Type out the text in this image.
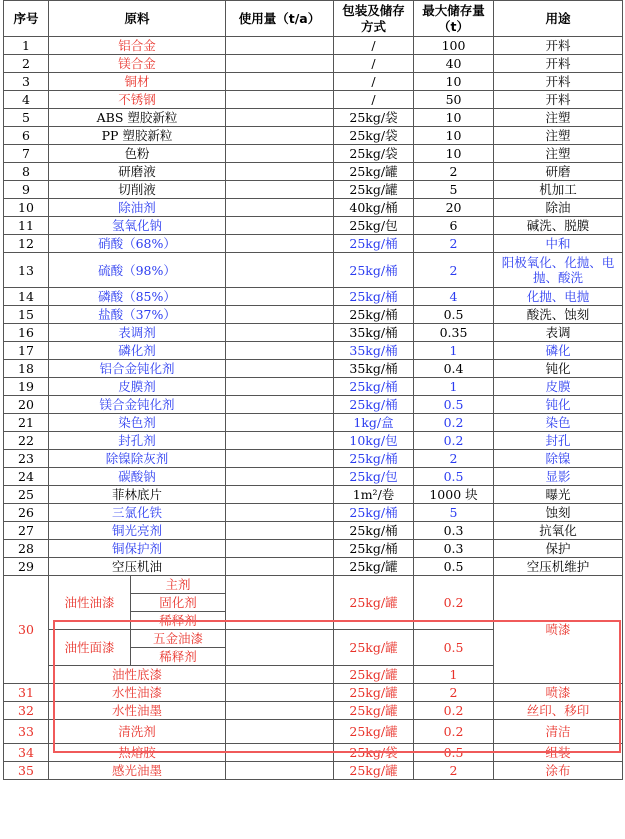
序号	原料		使用量（t/a）	包装及储存方式	最大储存量（t）	用途
1	铝合金			/	100	开料
2	镁合金			/	40	开料
3	铜材			/	10	开料
4	不锈钢			/	50	开料
5	ABS 塑胶新粒			25kg/袋	10	注塑
6	PP 塑胶新粒			25kg/袋	10	注塑
7	色粉			25kg/袋	10	注塑
8	研磨液			25kg/罐	2	研磨
9	切削液			25kg/罐	5	机加工
10	除油剂			40kg/桶	20	除油
11	氢氧化钠			25kg/包	6	碱洗、脱膜
12	硝酸（68%）			25kg/桶	2	中和
13	硫酸（98%）			25kg/桶	2	阳极氧化、化抛、电抛、酸洗
14	磷酸（85%）			25kg/桶	4	化抛、电抛
15	盐酸（37%）			25kg/桶	0.5	酸洗、蚀刻
16	表调剂			35kg/桶	0.35	表调
17	磷化剂			35kg/桶	1	磷化
18	铝合金钝化剂			35kg/桶	0.4	钝化
19	皮膜剂			25kg/桶	1	皮膜
20	镁合金钝化剂			25kg/桶	0.5	钝化
21	染色剂			1kg/盒	0.2	染色
22	封孔剂			10kg/包	0.2	封孔
23	除镍除灰剂			25kg/桶	2	除镍
24	碳酸钠			25kg/包	0.5	显影
25	菲林底片			1m²/卷	1000 块	曝光
26	三氯化铁			25kg/桶	5	蚀刻
27	铜光亮剂			25kg/桶	0.3	抗氧化
28	铜保护剂			25kg/桶	0.3	保护
29	空压机油			25kg/罐	0.5	空压机维护
30	油性油漆	主剂		25kg/罐	0.2	喷漆
		固化剂				
		稀释剂				
	油性面漆	五金油漆		25kg/罐	0.5	
		稀释剂				
	油性底漆			25kg/罐	1	
31	水性油漆			25kg/罐	2	喷漆
32	水性油墨			25kg/罐	0.2	丝印、移印
33	清洗剂			25kg/罐	0.2	清洁
34	热熔胶			25kg/袋	0.5	组装
35	感光油墨			25kg/罐	2	涂布
